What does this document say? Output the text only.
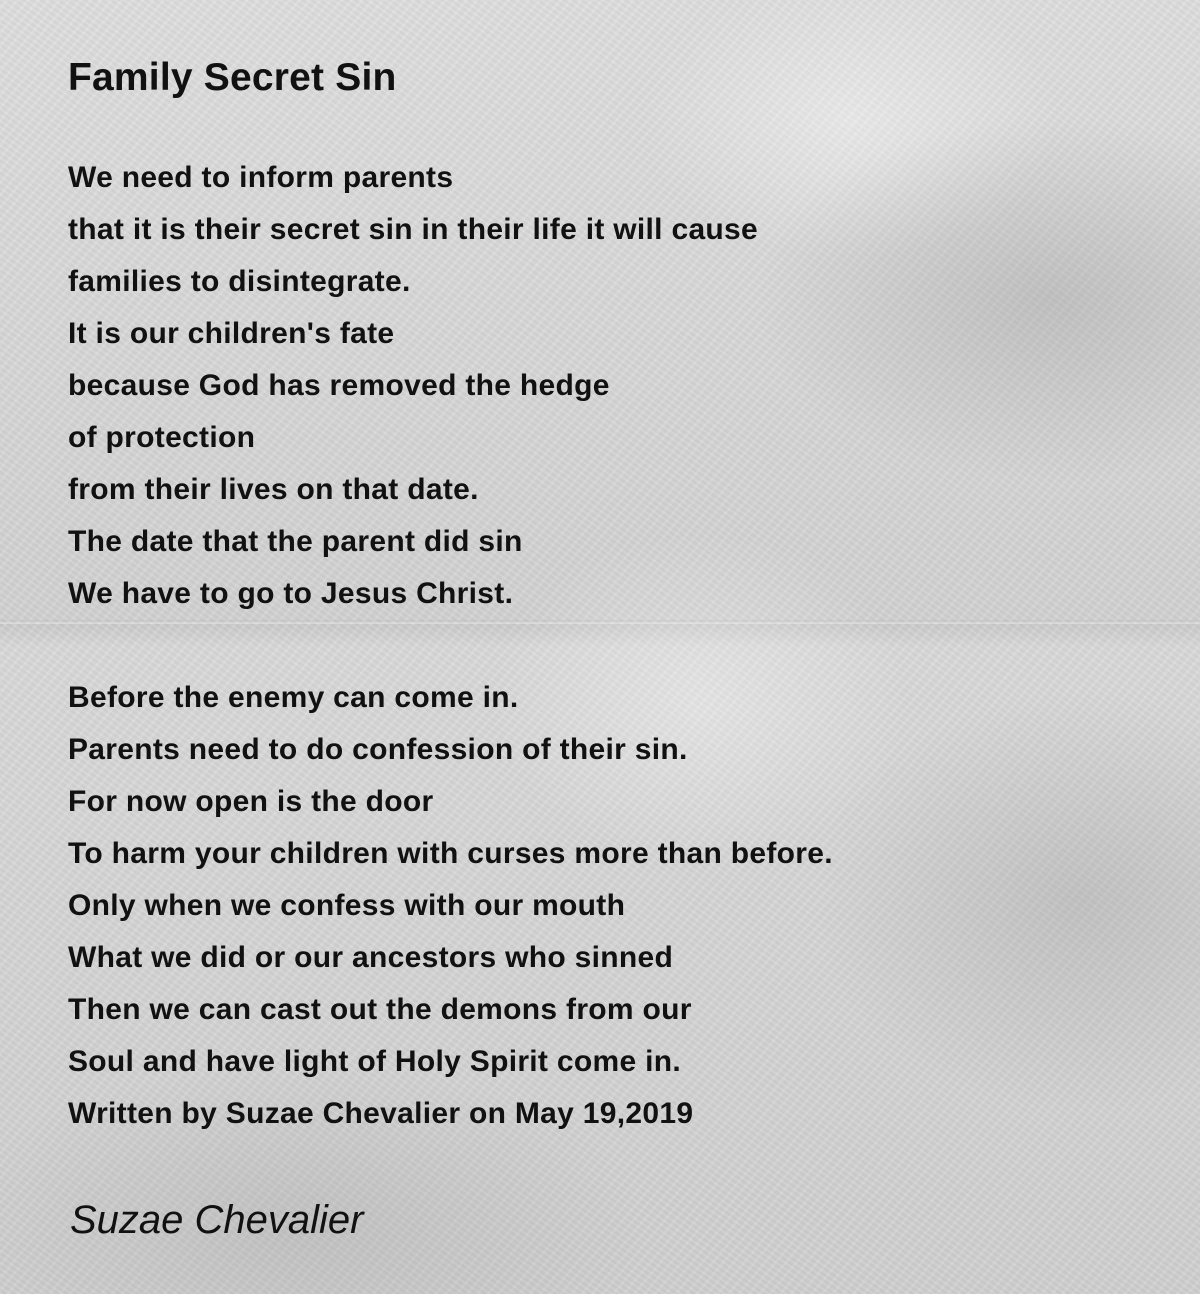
Family Secret Sin
We need to inform parents
that it is their secret sin in their life it will cause
families to disintegrate.
It is our children's fate
because God has removed the hedge
of protection
from their lives on that date.
The date that the parent did sin
We have to go to Jesus Christ.
Before the enemy can come in.
Parents need to do confession of their sin.
For now open is the door
To harm your children with curses more than before.
Only when we confess with our mouth
What we did or our ancestors who sinned
Then we can cast out the demons from our
Soul and have light of Holy Spirit come in.
Written by Suzae Chevalier on May 19,2019
Suzae Chevalier
